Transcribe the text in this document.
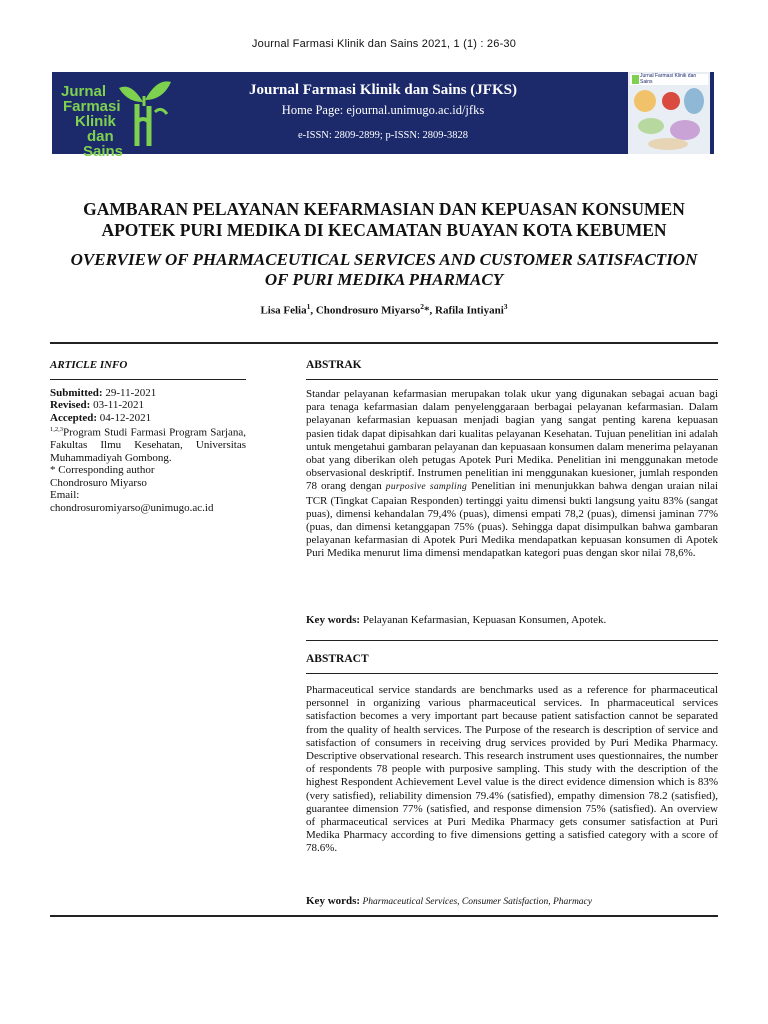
Journal Farmasi Klinik dan Sains 2021, 1 (1) : 26-30
Jurnal
Farmasi
Klinik
dan
Sains
Journal Farmasi Klinik dan Sains (JFKS)
Home Page: ejournal.unimugo.ac.id/jfks
e-ISSN: 2809-2899; p-ISSN: 2809-3828
Jurnal Farmasi Klinik dan Sains
GAMBARAN PELAYANAN KEFARMASIAN DAN KEPUASAN KONSUMEN
APOTEK PURI MEDIKA DI KECAMATAN BUAYAN KOTA KEBUMEN
OVERVIEW OF PHARMACEUTICAL SERVICES AND CUSTOMER SATISFACTION
OF PURI MEDIKA PHARMACY
Lisa Felia$^1$, Chondrosuro Miyarso$^2$*, Rafila Intiyani$^3$
ARTICLE INFO
Submitted: 29-11-2021
Revised: 03-11-2021
Accepted: 04-12-2021
$^{1,2,3}$Program Studi Farmasi Program Sarjana, Fakultas Ilmu Kesehatan, Universitas Muhammadiyah Gombong.
* Corresponding author
Chondrosuro Miyarso
Email:
chondrosuromiyarso@unimugo.ac.id
ABSTRAK
Standar pelayanan kefarmasian merupakan tolak ukur yang digunakan sebagai acuan bagi para tenaga kefarmasian dalam penyelenggaraan berbagai pelayanan kefarmasian. Dalam pelayanan kefarmasian kepuasan menjadi bagian yang sangat penting karena kepuasan pasien tidak dapat dipisahkan dari kualitas pelayanan Kesehatan. Tujuan penelitian ini adalah untuk mengetahui gambaran pelayanan dan kepuasaan konsumen dalam menerima pelayanan obat yang diberikan oleh petugas Apotek Puri Medika. Penelitian ini menggunakan metode observasional deskriptif. Instrumen penelitian ini menggunakan kuesioner, jumlah responden 78 orang dengan purposive sampling Penelitian ini menunjukkan bahwa dengan uraian nilai TCR (Tingkat Capaian Responden) tertinggi yaitu dimensi bukti langsung yaitu 83% (sangat puas), dimensi kehandalan 79,4% (puas), dimensi empati 78,2 (puas), dimensi jaminan 77% (puas, dan dimensi ketanggapan 75% (puas). Sehingga dapat disimpulkan bahwa gambaran pelayanan kefarmasian di Apotek Puri Medika mendapatkan kepuasan konsumen di Apotek Puri Medika menurut lima dimensi mendapatkan kategori puas dengan skor nilai 78,6%.
Key words: Pelayanan Kefarmasian, Kepuasan Konsumen, Apotek.
ABSTRACT
Pharmaceutical service standards are benchmarks used as a reference for pharmaceutical personnel in organizing various pharmaceutical services. In pharmaceutical services satisfaction becomes a very important part because patient satisfaction cannot be separated from the quality of health services. The Purpose of the research is description of service and satisfaction of consumers in receiving drug services provided by Puri Medika Pharmacy. Descriptive observational research. This research instrument uses questionnaires, the number of respondents 78 people with purposive sampling. This study with the description of the highest Respondent Achievement Level value is the direct evidence dimension which is 83% (very satisfied), reliability dimension 79.4% (satisfied), empathy dimension 78.2 (satisfied), guarantee dimension 77% (satisfied, and response dimension 75% (satisfied). An overview of pharmaceutical services at Puri Medika Pharmacy gets consumer satisfaction at Puri Medika Pharmacy according to five dimensions getting a satisfied category with a score of 78.6%.
Key words: Pharmaceutical Services, Consumer Satisfaction, Pharmacy
